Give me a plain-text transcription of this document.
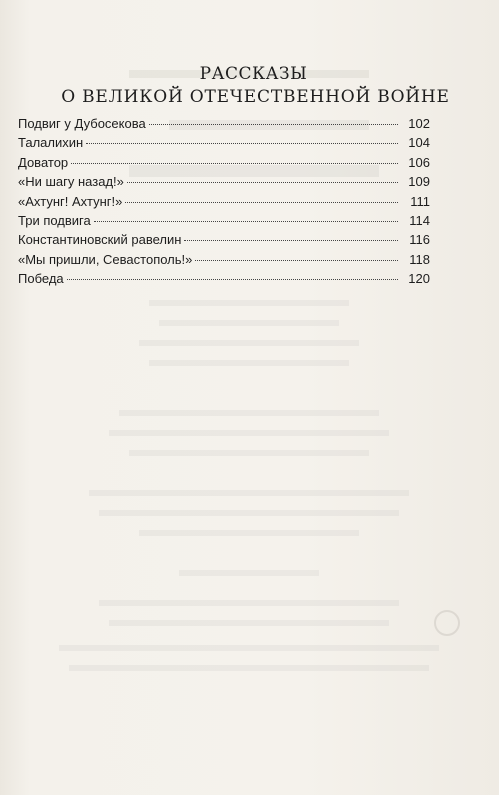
РАССКАЗЫ
О ВЕЛИКОЙ ОТЕЧЕСТВЕННОЙ ВОЙНЕ
Подвиг у Дубосекова	102
Талалихин	104
Доватор	106
«Ни шагу назад!»	109
«Ахтунг! Ахтунг!»	111
Три подвига	114
Константиновский равелин	116
«Мы пришли, Севастополь!»	118
Победа	120
